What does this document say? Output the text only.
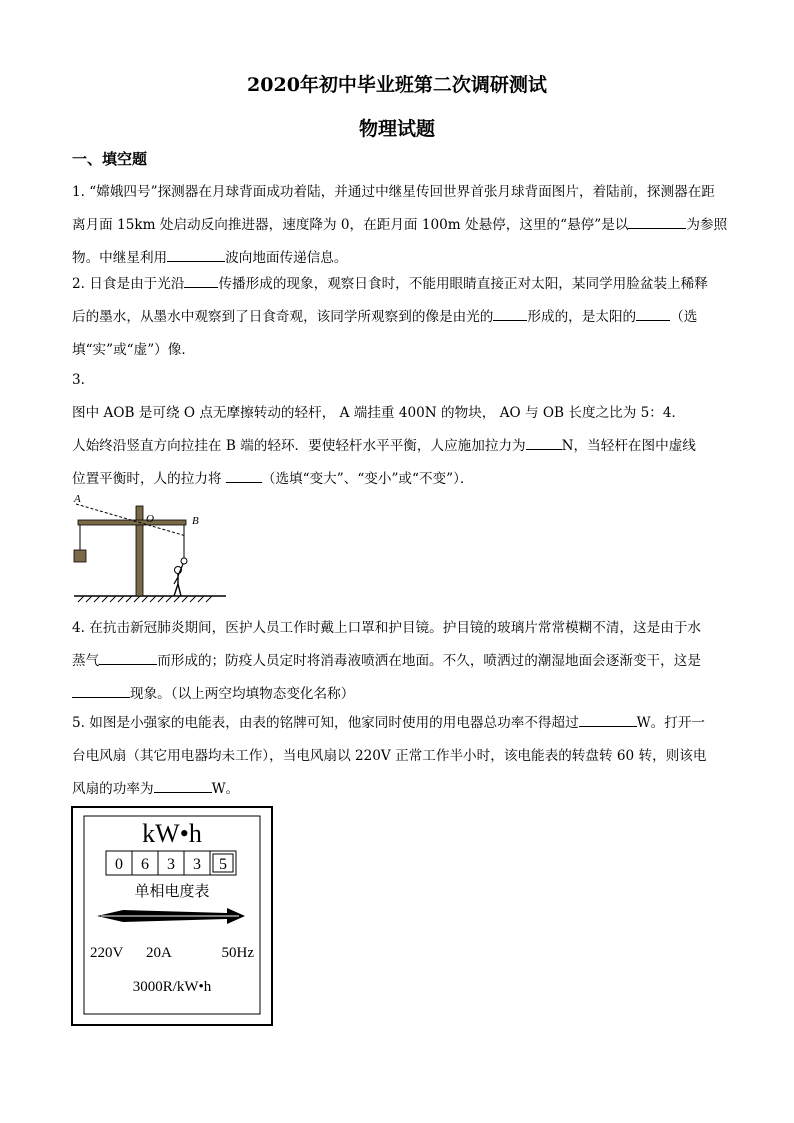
2020年初中毕业班第二次调研测试
物理试题
一、填空题
1. “嫦娥四号”探测器在月球背面成功着陆，并通过中继星传回世界首张月球背面图片，着陆前，探测器在距
离月面 15km 处启动反向推进器，速度降为 0，在距月面 100m 处悬停，这里的“悬停”是以	为参照
物。中继星利用	波向地面传递信息。
2. 日食是由于光沿	传播形成的现象，观察日食时，不能用眼睛直接正对太阳，某同学用脸盆装上稀释
后的墨水，从墨水中观察到了日食奇观，该同学所观察到的像是由光的	形成的，是太阳的	（选
填“实”或“虚”）像．
3.
图中 AOB 是可绕 O 点无摩擦转动的轻杆， A 端挂重 400N 的物块， AO 与 OB 长度之比为 5：4．
人始终沿竖直方向拉挂在 B 端的轻环．要使轻杆水平平衡，人应施加拉力为	N，当轻杆在图中虚线
位置平衡时，人的拉力将	（选填“变大”、“变小”或“不变”）．
A
O	B
4. 在抗击新冠肺炎期间，医护人员工作时戴上口罩和护目镜。护目镜的玻璃片常常模糊不清，这是由于水
蒸气	而形成的；防疫人员定时将消毒液喷洒在地面。不久，喷洒过的潮湿地面会逐渐变干，这是
现象。（以上两空均填物态变化名称）
5. 如图是小强家的电能表，由表的铭牌可知，他家同时使用的用电器总功率不得超过	W。打开一
台电风扇（其它用电器均未工作），当电风扇以 220V 正常工作半小时，该电能表的转盘转 60 转，则该电
风扇的功率为	W。
kW•h
0 6 3 3 5
单相电度表
220V 20A	50Hz
3000R/kW•h
